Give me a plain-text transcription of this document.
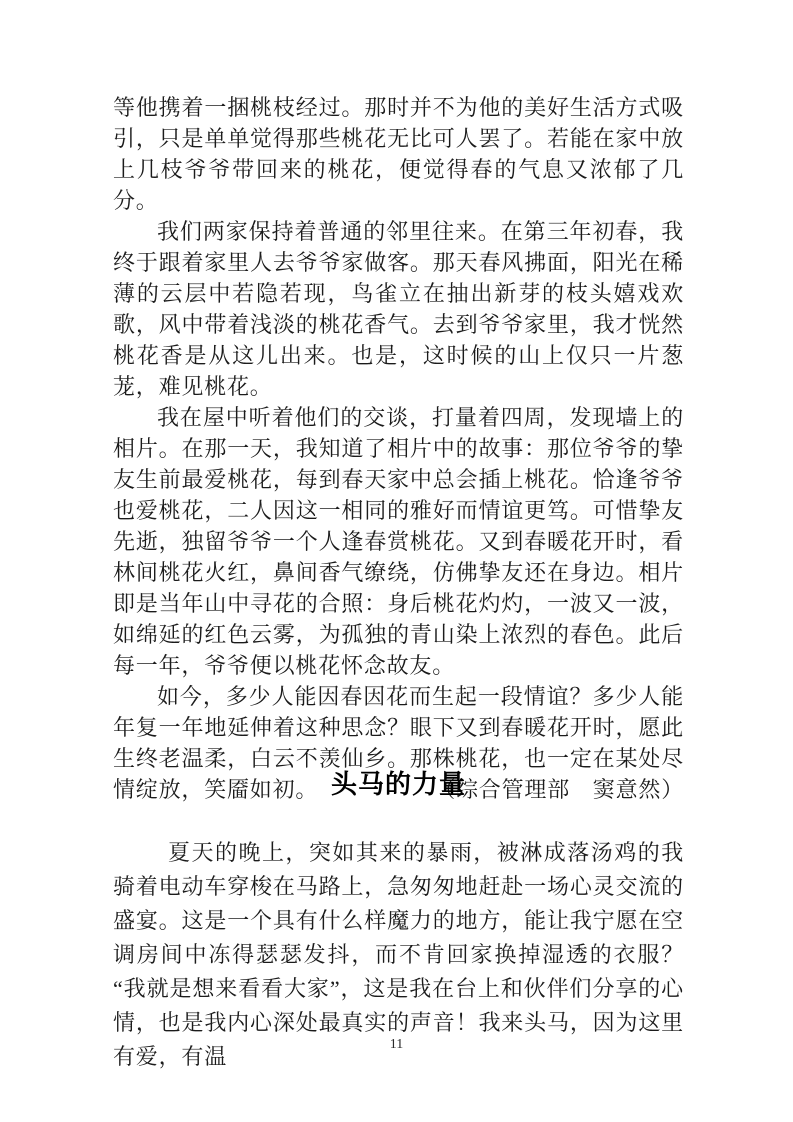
等他携着一捆桃枝经过。那时并不为他的美好生活方式吸引，只是单单觉得那些桃花无比可人罢了。若能在家中放上几枝爷爷带回来的桃花，便觉得春的气息又浓郁了几分。

我们两家保持着普通的邻里往来。在第三年初春，我终于跟着家里人去爷爷家做客。那天春风拂面，阳光在稀薄的云层中若隐若现，鸟雀立在抽出新芽的枝头嬉戏欢歌，风中带着浅淡的桃花香气。去到爷爷家里，我才恍然桃花香是从这儿出来。也是，这时候的山上仅只一片葱茏，难见桃花。

我在屋中听着他们的交谈，打量着四周，发现墙上的相片。在那一天，我知道了相片中的故事：那位爷爷的挚友生前最爱桃花，每到春天家中总会插上桃花。恰逢爷爷也爱桃花，二人因这一相同的雅好而情谊更笃。可惜挚友先逝，独留爷爷一个人逢春赏桃花。又到春暖花开时，看林间桃花火红，鼻间香气缭绕，仿佛挚友还在身边。相片即是当年山中寻花的合照：身后桃花灼灼，一波又一波，如绵延的红色云雾，为孤独的青山染上浓烈的春色。此后每一年，爷爷便以桃花怀念故友。

如今，多少人能因春因花而生起一段情谊？多少人能年复一年地延伸着这种思念？眼下又到春暖花开时，愿此生终老温柔，白云不羡仙乡。那株桃花，也一定在某处尽情绽放，笑靥如初。	（综合管理部　窦意然）

头马的力量

夏天的晚上，突如其来的暴雨，被淋成落汤鸡的我骑着电动车穿梭在马路上，急匆匆地赶赴一场心灵交流的盛宴。这是一个具有什么样魔力的地方，能让我宁愿在空调房间中冻得瑟瑟发抖，而不肯回家换掉湿透的衣服？“我就是想来看看大家”，这是我在台上和伙伴们分享的心情，也是我内心深处最真实的声音！我来头马，因为这里有爱，有温	11
